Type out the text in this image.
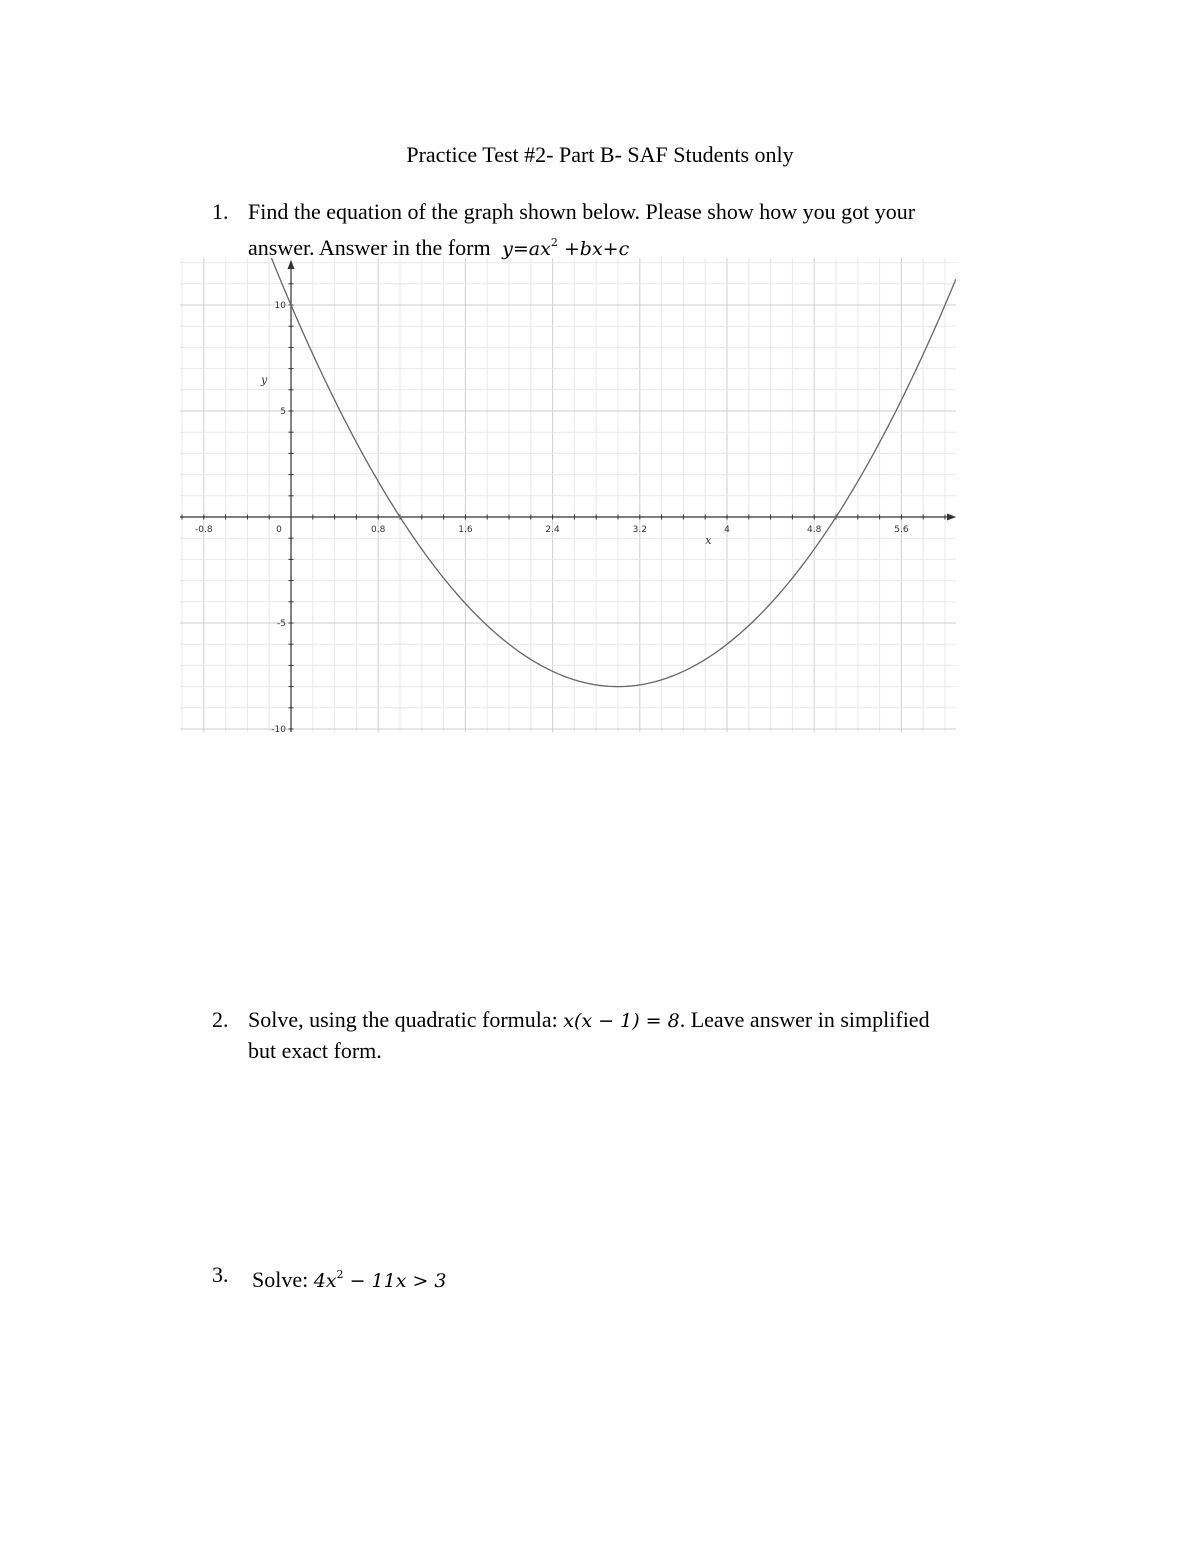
Practice Test #2- Part B- SAF Students only
1. Find the equation of the graph shown below. Please show how you got your
answer. Answer in the form $y=ax^2 +bx+c$
-0.8	0	0.8	1.6	2.4	3.2	4	4.8	5.6
10
5
-5
-10
x
y
2. Solve, using the quadratic formula: x(x − 1) = 8. Leave answer in simplified
but exact form.
3.	Solve: $4x^2 - 11x > 3$
